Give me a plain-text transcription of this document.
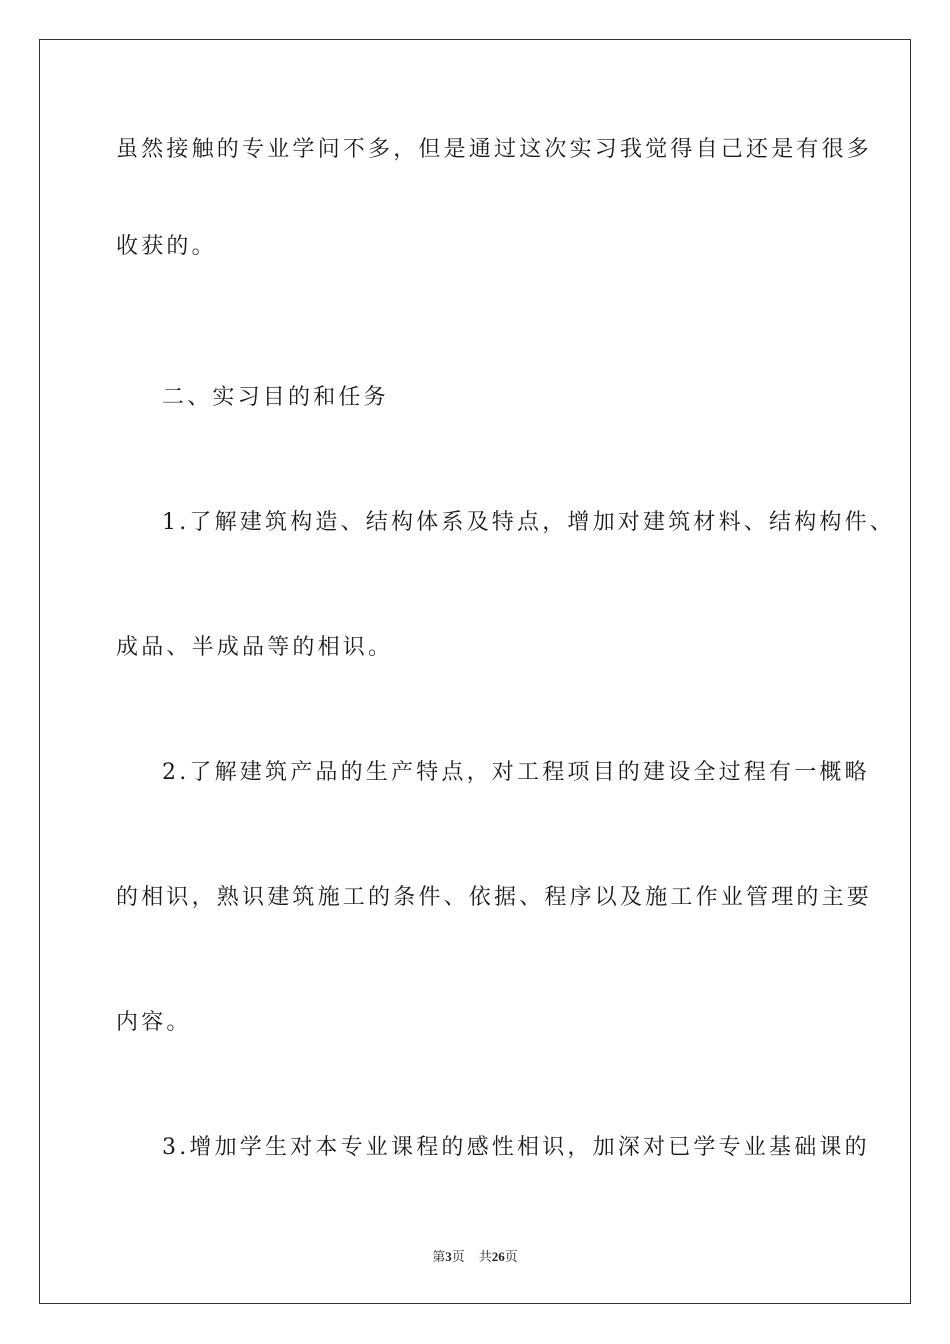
虽然接触的专业学问不多，但是通过这次实习我觉得自己还是有很多
收获的。
二、实习目的和任务
1.了解建筑构造、结构体系及特点，增加对建筑材料、结构构件、
成品、半成品等的相识。
2.了解建筑产品的生产特点，对工程项目的建设全过程有一概略
的相识，熟识建筑施工的条件、依据、程序以及施工作业管理的主要
内容。
3.增加学生对本专业课程的感性相识，加深对已学专业基础课的
第3页 共26页
